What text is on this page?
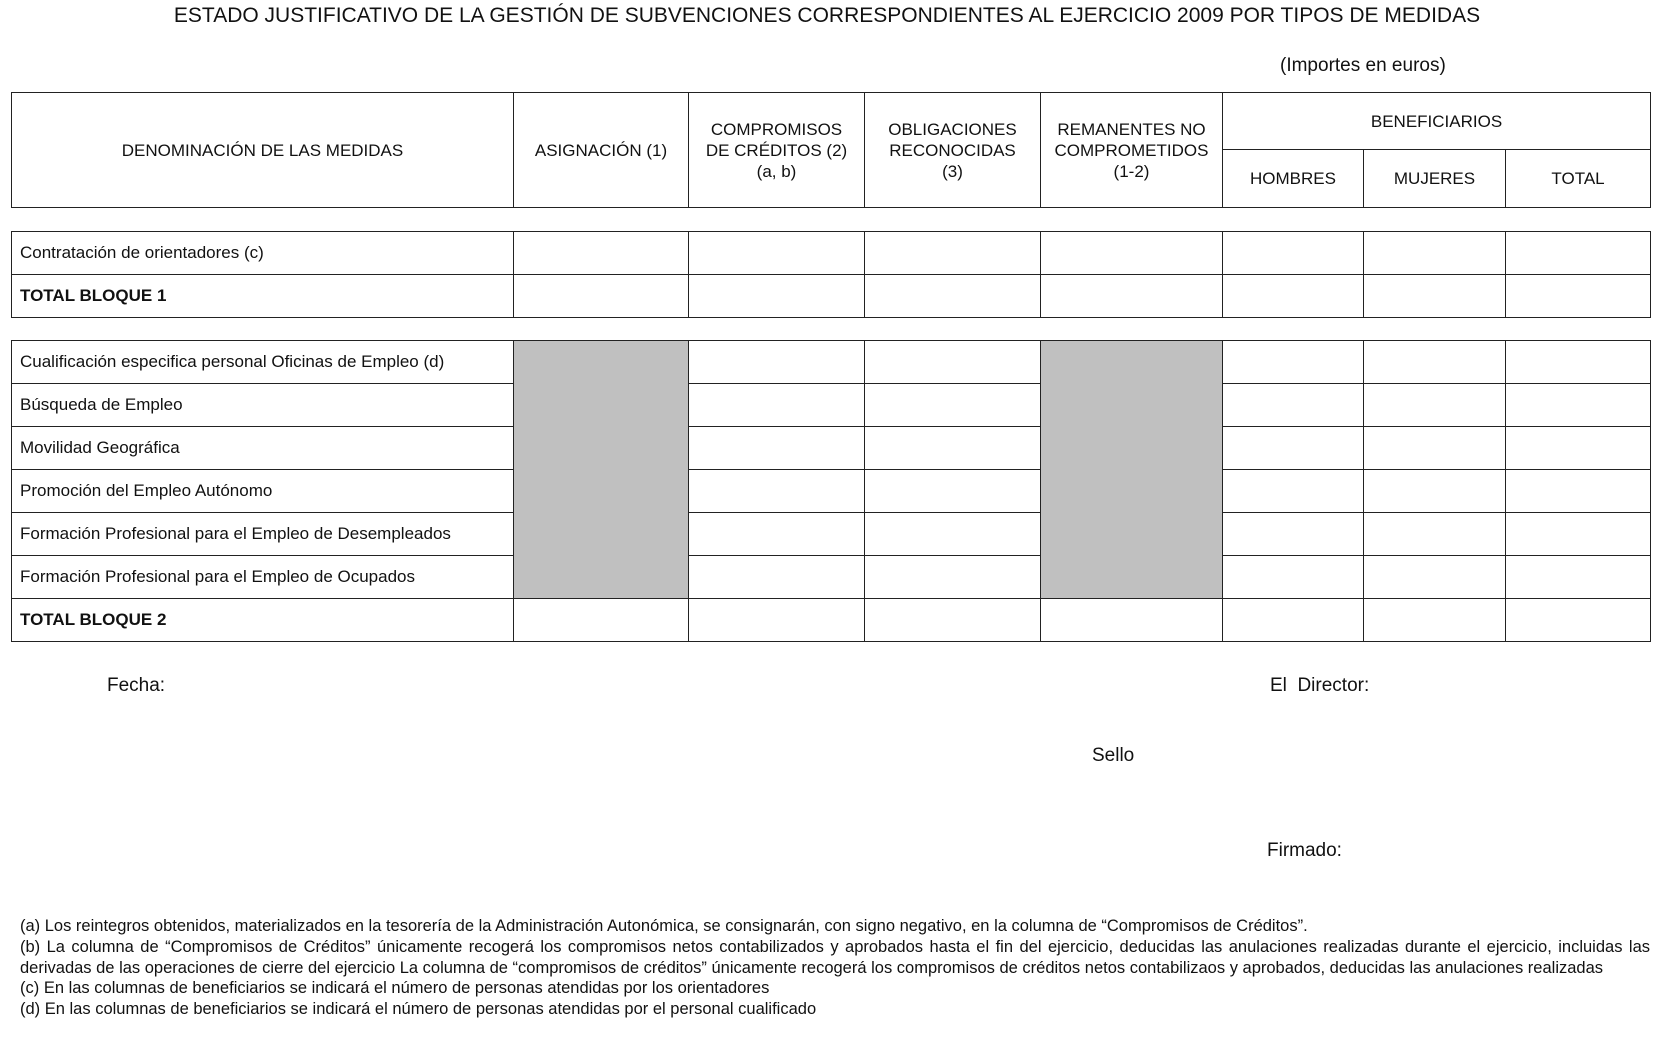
ESTADO JUSTIFICATIVO DE LA GESTIÓN DE SUBVENCIONES CORRESPONDIENTES AL EJERCICIO 2009 POR TIPOS DE MEDIDAS
(Importes en euros)
DENOMINACIÓN DE LAS MEDIDAS	ASIGNACIÓN (1)	COMPROMISOS
DE CRÉDITOS (2)
(a, b)	OBLIGACIONES
RECONOCIDAS
(3)	REMANENTES NO
COMPROMETIDOS
(1-2)	BENEFICIARIOS		
					HOMBRES	MUJERES	TOTAL
Contratación de orientadores (c)							
TOTAL BLOQUE 1							
Cualificación especifica personal Oficinas de Empleo (d)							
Búsqueda de Empleo							
Movilidad Geográfica							
Promoción del Empleo Autónomo							
Formación Profesional para el Empleo de Desempleados							
Formación Profesional para el Empleo de Ocupados							
TOTAL BLOQUE 2							
Fecha:	El  Director:
Sello
Firmado:

(a) Los reintegros obtenidos, materializados en la tesorería de la Administración Autonómica, se consignarán, con signo negativo, en la columna de “Compromisos de Créditos”.

(b) La columna de “Compromisos de Créditos” únicamente recogerá los compromisos netos contabilizados y aprobados hasta el fin del ejercicio, deducidas las anulaciones realizadas durante el ejercicio, incluidas las derivadas de las operaciones de cierre del ejercicio La columna de “compromisos de créditos” únicamente recogerá los compromisos de créditos netos contabilizaos y aprobados, deducidas las anulaciones realizadas

(c) En las columnas de beneficiarios se indicará el número de personas atendidas por los orientadores

(d) En las columnas de beneficiarios se indicará el número de personas atendidas por el personal cualificado
